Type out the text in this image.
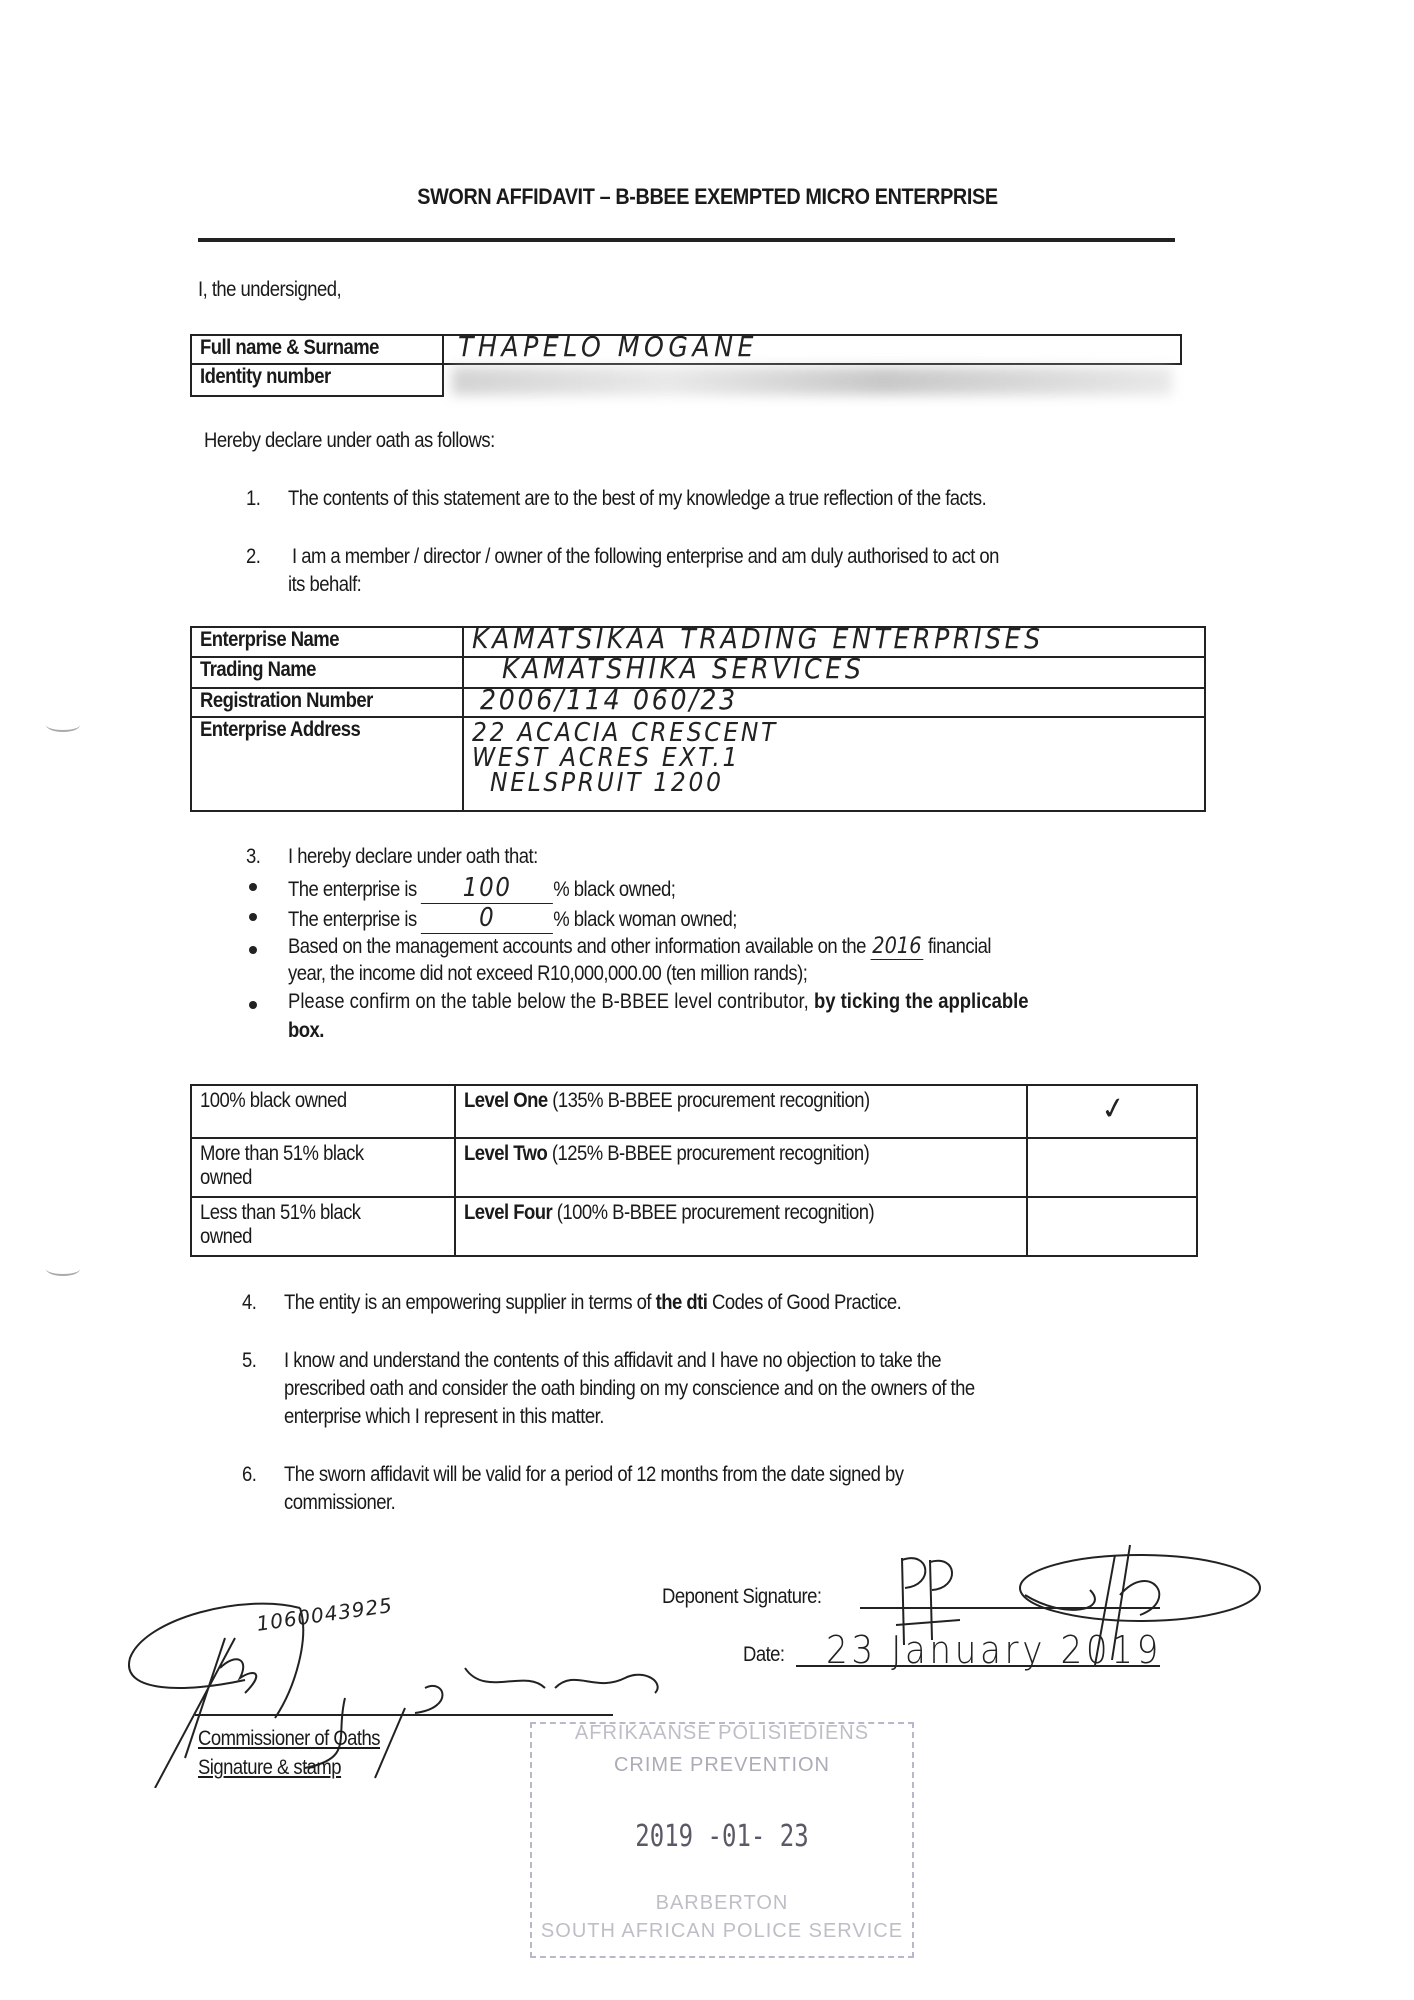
SWORN AFFIDAVIT – B-BBEE EXEMPTED MICRO ENTERPRISE
I, the undersigned,
Full name & Surname	THAPELO MOGANE
Identity number	
Hereby declare under oath as follows:
1. The contents of this statement are to the best of my knowledge a true reflection of the facts.
2. I am a member / director / owner of the following enterprise and am duly authorised to act on
its behalf:
Enterprise Name	KAMATSIKAA TRADING ENTERPRISES
Trading Name	KAMATSHIKA SERVICES
Registration Number	2006/114 060/23
Enterprise Address	22 ACACIA CRESCENT
WEST ACRES EXT.1
NELSPRUIT 1200
3. I hereby declare under oath that:
The enterprise is 100 % black owned;
The enterprise is 0	% black woman owned;
Based on the management accounts and other information available on the 2016 financial
year, the income did not exceed R10,000,000.00 (ten million rands);
Please confirm on the table below the B-BBEE level contributor, by ticking the applicable
box.
100% black owned	Level One (135% B-BBEE procurement recognition)	✓

More than 51% black
owned	Level Two (125% B-BBEE procurement recognition)	

Less than 51% black
owned	Level Four (100% B-BBEE procurement recognition)	

4. The entity is an empowering supplier in terms of the dti Codes of Good Practice.
5. I know and understand the contents of this affidavit and I have no objection to take the
prescribed oath and consider the oath binding on my conscience and on the owners of the
enterprise which I represent in this matter.
6. The sworn affidavit will be valid for a period of 12 months from the date signed by
commissioner.
Deponent Signature:
Date: 23 January 2019
1060043925
Commissioner of Oaths
Signature & stamp
AFRIKAANSE POLISIEDIENS
CRIME PREVENTION
2019 -01- 23
BARBERTON
SOUTH AFRICAN POLICE SERVICE
